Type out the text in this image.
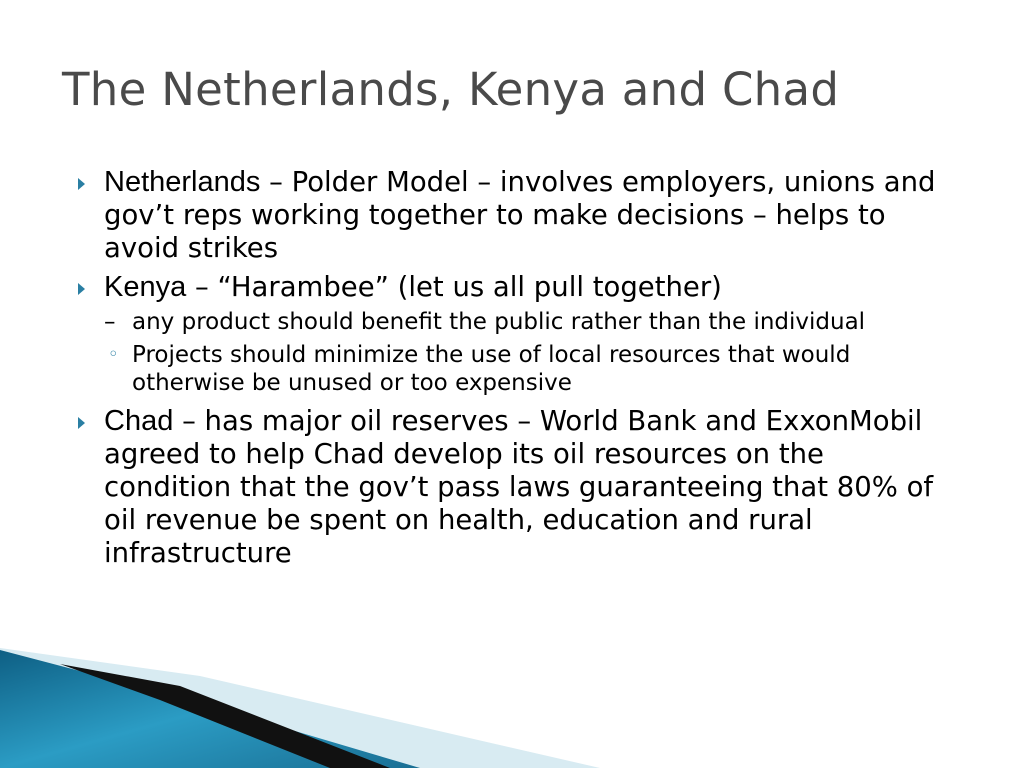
The Netherlands, Kenya and Chad
Netherlands – Polder Model – involves employers, unions and gov’t reps working together to make decisions – helps to avoid strikes
Kenya – “Harambee” (let us all pull together)
– any product should benefit the public rather than the individual
◦ Projects should minimize the use of local resources that would otherwise be unused or too expensive
Chad – has major oil reserves – World Bank and ExxonMobil agreed to help Chad develop its oil resources on the condition that the gov’t pass laws guaranteeing that 80% of oil revenue be spent on health, education and rural infrastructure
